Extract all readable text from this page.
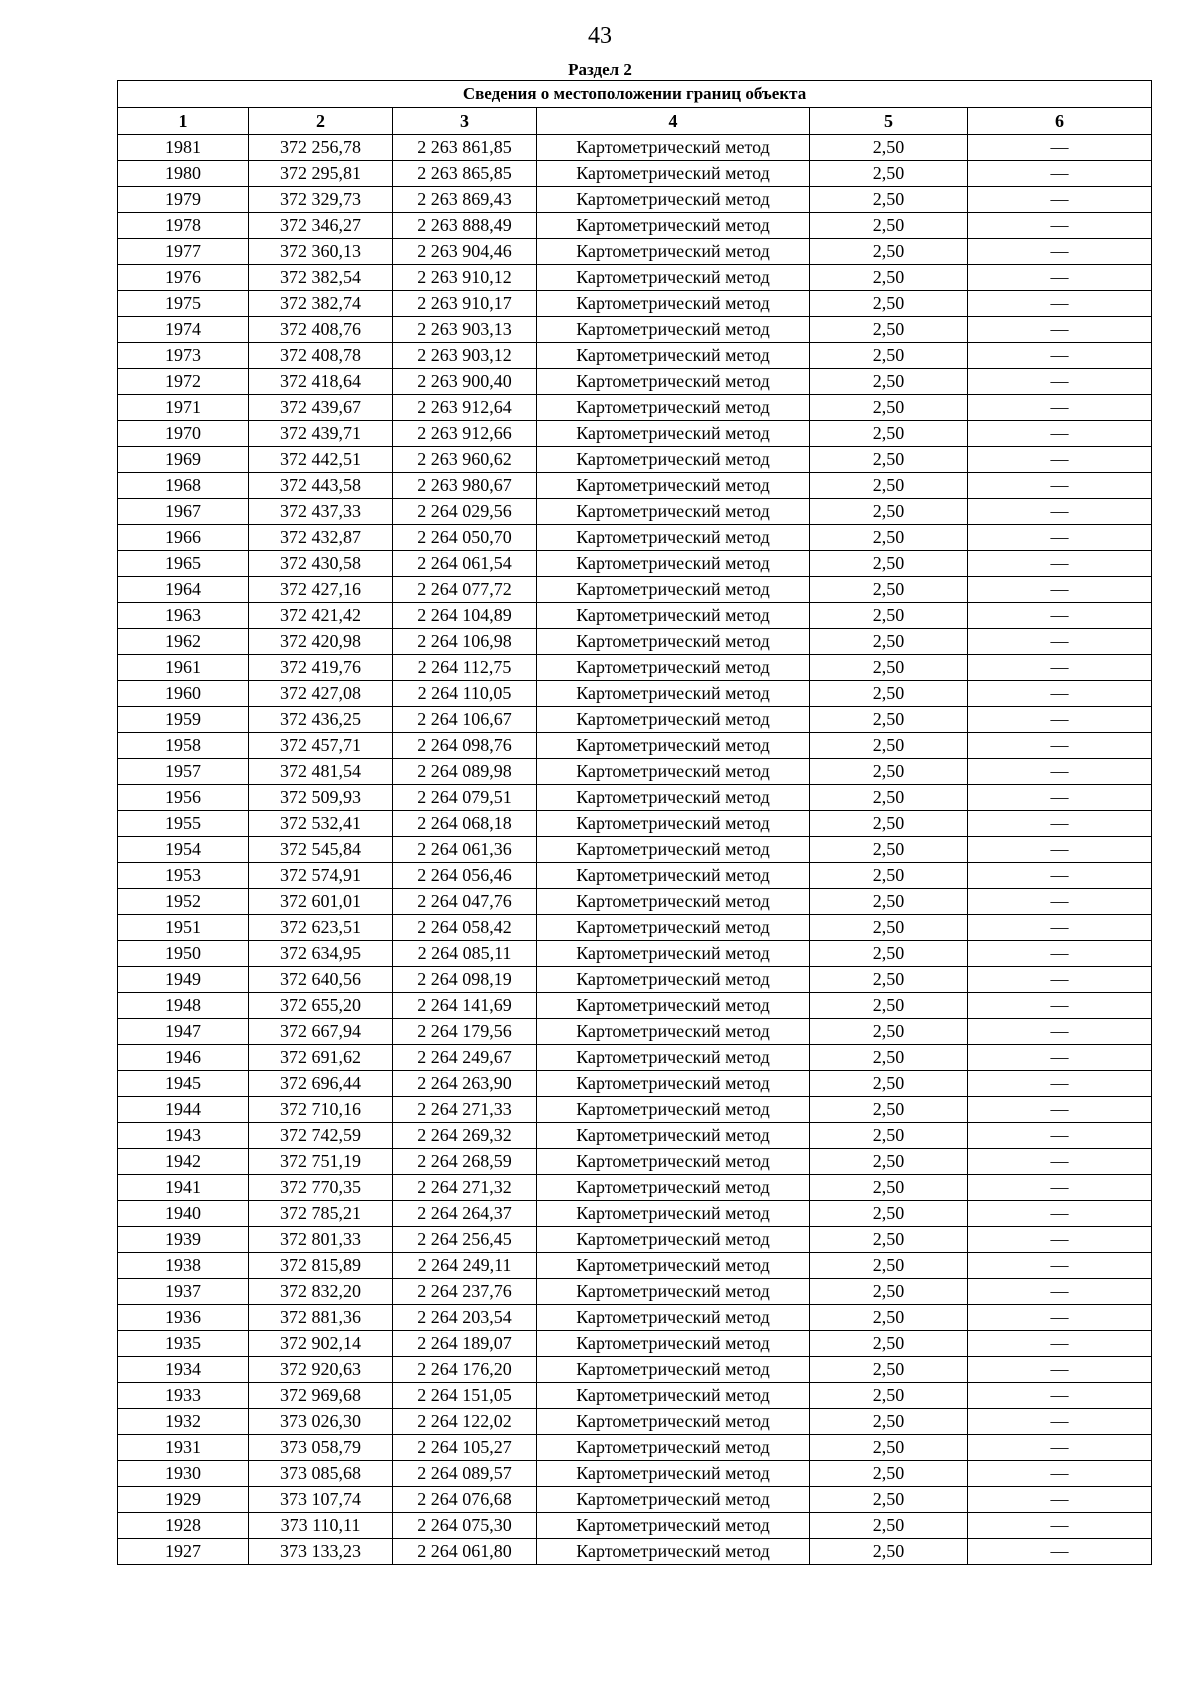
43
Раздел 2
Сведения о местоположении границ объекта					
1	2	3	4	5	6
1981	372 256,78	2 263 861,85	Картометрический метод	2,50	—
1980	372 295,81	2 263 865,85	Картометрический метод	2,50	—
1979	372 329,73	2 263 869,43	Картометрический метод	2,50	—
1978	372 346,27	2 263 888,49	Картометрический метод	2,50	—
1977	372 360,13	2 263 904,46	Картометрический метод	2,50	—
1976	372 382,54	2 263 910,12	Картометрический метод	2,50	—
1975	372 382,74	2 263 910,17	Картометрический метод	2,50	—
1974	372 408,76	2 263 903,13	Картометрический метод	2,50	—
1973	372 408,78	2 263 903,12	Картометрический метод	2,50	—
1972	372 418,64	2 263 900,40	Картометрический метод	2,50	—
1971	372 439,67	2 263 912,64	Картометрический метод	2,50	—
1970	372 439,71	2 263 912,66	Картометрический метод	2,50	—
1969	372 442,51	2 263 960,62	Картометрический метод	2,50	—
1968	372 443,58	2 263 980,67	Картометрический метод	2,50	—
1967	372 437,33	2 264 029,56	Картометрический метод	2,50	—
1966	372 432,87	2 264 050,70	Картометрический метод	2,50	—
1965	372 430,58	2 264 061,54	Картометрический метод	2,50	—
1964	372 427,16	2 264 077,72	Картометрический метод	2,50	—
1963	372 421,42	2 264 104,89	Картометрический метод	2,50	—
1962	372 420,98	2 264 106,98	Картометрический метод	2,50	—
1961	372 419,76	2 264 112,75	Картометрический метод	2,50	—
1960	372 427,08	2 264 110,05	Картометрический метод	2,50	—
1959	372 436,25	2 264 106,67	Картометрический метод	2,50	—
1958	372 457,71	2 264 098,76	Картометрический метод	2,50	—
1957	372 481,54	2 264 089,98	Картометрический метод	2,50	—
1956	372 509,93	2 264 079,51	Картометрический метод	2,50	—
1955	372 532,41	2 264 068,18	Картометрический метод	2,50	—
1954	372 545,84	2 264 061,36	Картометрический метод	2,50	—
1953	372 574,91	2 264 056,46	Картометрический метод	2,50	—
1952	372 601,01	2 264 047,76	Картометрический метод	2,50	—
1951	372 623,51	2 264 058,42	Картометрический метод	2,50	—
1950	372 634,95	2 264 085,11	Картометрический метод	2,50	—
1949	372 640,56	2 264 098,19	Картометрический метод	2,50	—
1948	372 655,20	2 264 141,69	Картометрический метод	2,50	—
1947	372 667,94	2 264 179,56	Картометрический метод	2,50	—
1946	372 691,62	2 264 249,67	Картометрический метод	2,50	—
1945	372 696,44	2 264 263,90	Картометрический метод	2,50	—
1944	372 710,16	2 264 271,33	Картометрический метод	2,50	—
1943	372 742,59	2 264 269,32	Картометрический метод	2,50	—
1942	372 751,19	2 264 268,59	Картометрический метод	2,50	—
1941	372 770,35	2 264 271,32	Картометрический метод	2,50	—
1940	372 785,21	2 264 264,37	Картометрический метод	2,50	—
1939	372 801,33	2 264 256,45	Картометрический метод	2,50	—
1938	372 815,89	2 264 249,11	Картометрический метод	2,50	—
1937	372 832,20	2 264 237,76	Картометрический метод	2,50	—
1936	372 881,36	2 264 203,54	Картометрический метод	2,50	—
1935	372 902,14	2 264 189,07	Картометрический метод	2,50	—
1934	372 920,63	2 264 176,20	Картометрический метод	2,50	—
1933	372 969,68	2 264 151,05	Картометрический метод	2,50	—
1932	373 026,30	2 264 122,02	Картометрический метод	2,50	—
1931	373 058,79	2 264 105,27	Картометрический метод	2,50	—
1930	373 085,68	2 264 089,57	Картометрический метод	2,50	—
1929	373 107,74	2 264 076,68	Картометрический метод	2,50	—
1928	373 110,11	2 264 075,30	Картометрический метод	2,50	—
1927	373 133,23	2 264 061,80	Картометрический метод	2,50	—
